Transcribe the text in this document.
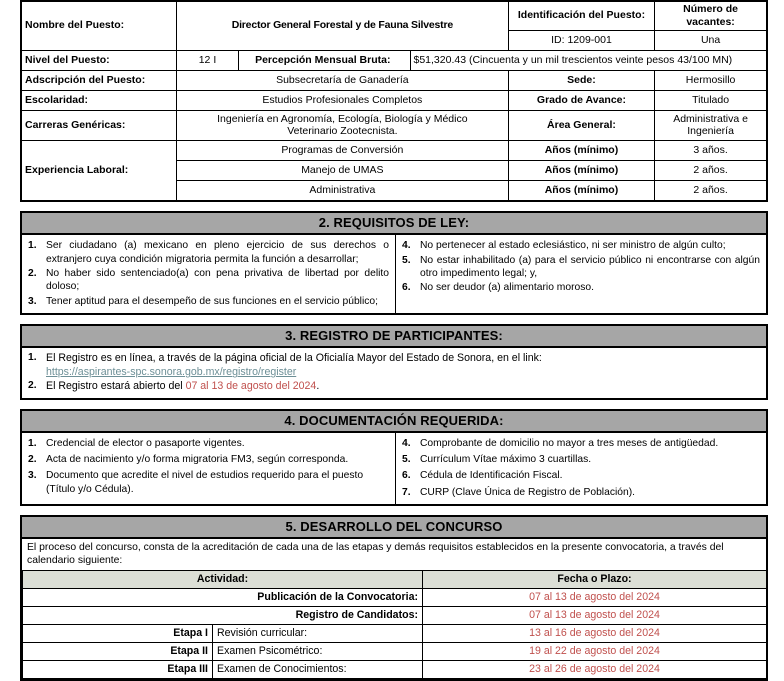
Nombre del Puesto:	Director General Forestal y de Fauna Silvestre			Identificación del Puesto:	Número de vacantes:
				ID: 1209-001	Una
Nivel del Puesto:	12 I	Percepción Mensual Bruta:	$51,320.43 (Cincuenta y un mil trescientos veinte pesos 43/100 MN)		
Adscripción del Puesto:	Subsecretaría de Ganadería			Sede:	Hermosillo
Escolaridad:	Estudios Profesionales Completos			Grado de Avance:	Titulado
Carreras Genéricas:	Ingeniería en Agronomía, Ecología, Biología y Médico Veterinario Zootecnista.			Área General:	Administrativa e Ingeniería
Experiencia Laboral:	Programas de Conversión			Años (mínimo)	3 años.
	Manejo de UMAS			Años (mínimo)	2 años.
	Administrativa			Años (mínimo)	2 años.
2. REQUISITOS DE LEY:
1. Ser ciudadano (a) mexicano en pleno ejercicio de sus derechos o extranjero cuya condición migratoria permita la función a desarrollar;
2. No haber sido sentenciado(a) con pena privativa de libertad por delito doloso;
3. Tener aptitud para el desempeño de sus funciones en el servicio público;
4. No pertenecer al estado eclesiástico, ni ser ministro de algún culto;
5. No estar inhabilitado (a) para el servicio público ni encontrarse con algún otro impedimento legal; y,
6. No ser deudor (a) alimentario moroso.
3. REGISTRO DE PARTICIPANTES:
1. El Registro es en línea, a través de la página oficial de la Oficialía Mayor del Estado de Sonora, en el link:
https://aspirantes-spc.sonora.gob.mx/registro/register
2. El Registro estará abierto del 07 al 13 de agosto del 2024.
4. DOCUMENTACIÓN REQUERIDA:
1. Credencial de elector o pasaporte vigentes.
2. Acta de nacimiento y/o forma migratoria FM3, según corresponda.
3. Documento que acredite el nivel de estudios requerido para el puesto (Título y/o Cédula).
4. Comprobante de domicilio no mayor a tres meses de antigüedad.
5. Currículum Vítae máximo 3 cuartillas.
6. Cédula de Identificación Fiscal.
7. CURP (Clave Única de Registro de Población).
5. DESARROLLO DEL CONCURSO
El proceso del concurso, consta de la acreditación de cada una de las etapas y demás requisitos establecidos en la presente convocatoria, a través del calendario siguiente:
Actividad:		Fecha o Plazo:
Publicación de la Convocatoria:		07 al 13 de agosto del 2024
Registro de Candidatos:		07 al 13 de agosto del 2024
Etapa I	Revisión curricular:	13 al 16 de agosto del 2024
Etapa II	Examen Psicométrico:	19 al 22 de agosto del 2024
Etapa III	Examen de Conocimientos:	23 al 26 de agosto del 2024
